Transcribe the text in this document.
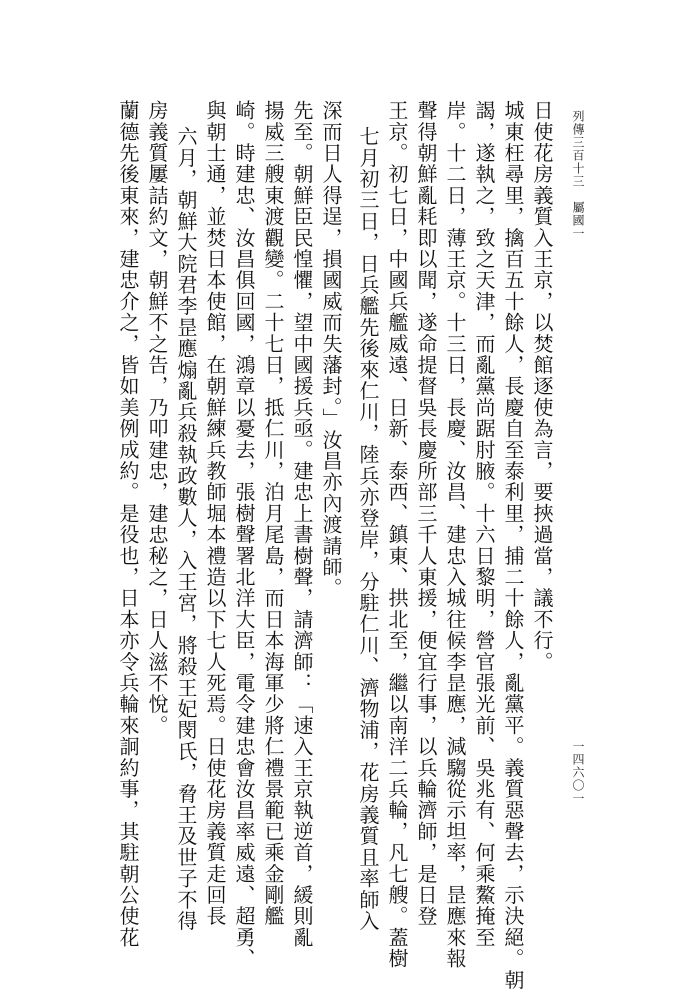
蘭德先後東來，建忠介之，皆如美例成約。是役也，日本亦令兵輪來詗約事，其駐朝公使花 房義質屢詰約文，朝鮮不之告，乃叩建忠，建忠秘之，日人滋不悅。 六月，朝鮮大院君李昰應煽亂兵殺執政數人，入王宮，將殺王妃閔氏，脅王及世子不得 與朝士通，並焚日本使館，在朝鮮練兵教師堀本禮造以下七人死焉。日使花房義質走回長 崎。時建忠、汝昌俱回國，鴻章以憂去，張樹聲署北洋大臣，電令建忠會汝昌率威遠、超勇、 揚威三艘東渡觀變。二十七日，抵仁川，泊月尾島，而日本海軍少將仁禮景範已乘金剛艦 先至。朝鮮臣民惶懼，望中國援兵亟。建忠上書樹聲，請濟師：「速入王京執逆首，緩則亂 深而日人得逞，損國威而失藩封。」汝昌亦內渡請師。 七月初三日，日兵艦先後來仁川，陸兵亦登岸，分駐仁川、濟物浦，花房義質且率師入 王京。初七日，中國兵艦威遠、日新、泰西、鎮東、拱北至，繼以南洋二兵輪，凡七艘。蓋樹 聲得朝鮮亂耗即以聞，遂命提督吳長慶所部三千人東援，便宜行事，以兵輪濟師，是日登 岸。十二日，薄王京。十三日，長慶、汝昌、建忠入城往候李昰應，減騶從示坦率，昰應來報 謁，遂執之，致之天津，而亂黨尚踞肘腋。十六日黎明，營官張光前、吳兆有、何乘鰲掩至 城東枉尋里，擒百五十餘人，長慶自至泰利里，捕二十餘人，亂黨平。義質惡聲去，示決絕。朝 日使花房義質入王京，以焚館逐使為言，要挾過當，議不行。 列傳三百十三　屬國一
一四六〇一
